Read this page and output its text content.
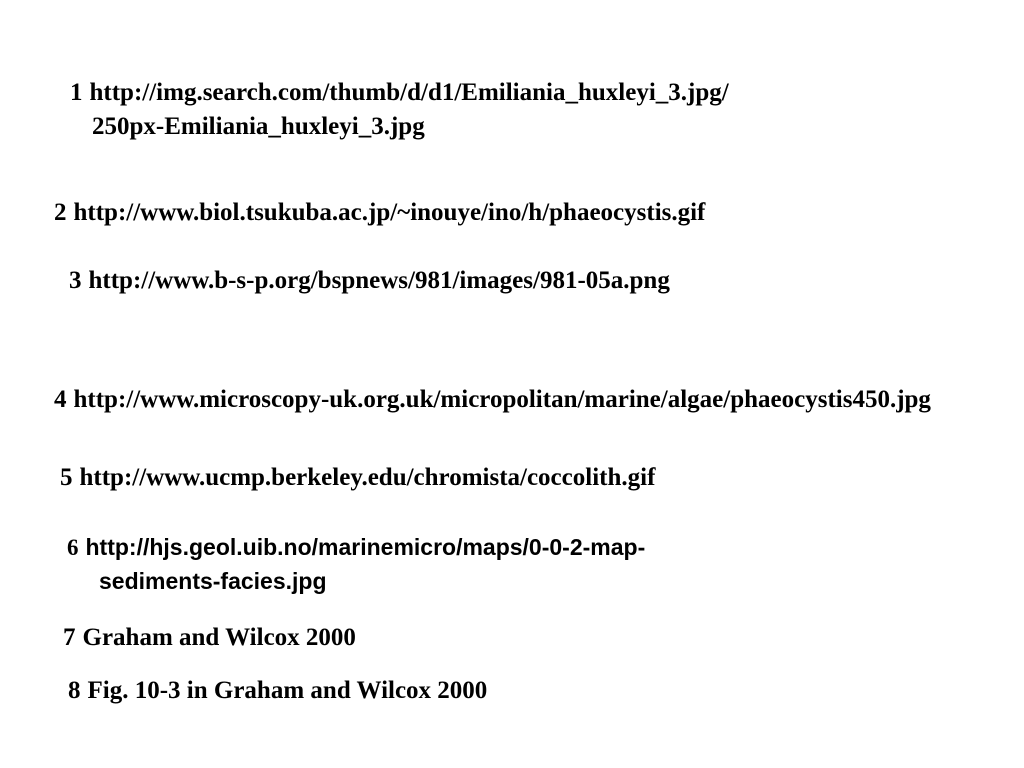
1 http://img.search.com/thumb/d/d1/Emiliania_huxleyi_3.jpg/
250px-Emiliania_huxleyi_3.jpg

2 http://www.biol.tsukuba.ac.jp/~inouye/ino/h/phaeocystis.gif

3 http://www.b-s-p.org/bspnews/981/images/981-05a.png

4 http://www.microscopy-uk.org.uk/micropolitan/marine/algae/phaeocystis450.jpg

5 http://www.ucmp.berkeley.edu/chromista/coccolith.gif

6 http://hjs.geol.uib.no/marinemicro/maps/0-0-2-map-
sediments-facies.jpg

7 Graham and Wilcox 2000

8 Fig. 10-3 in Graham and Wilcox 2000
